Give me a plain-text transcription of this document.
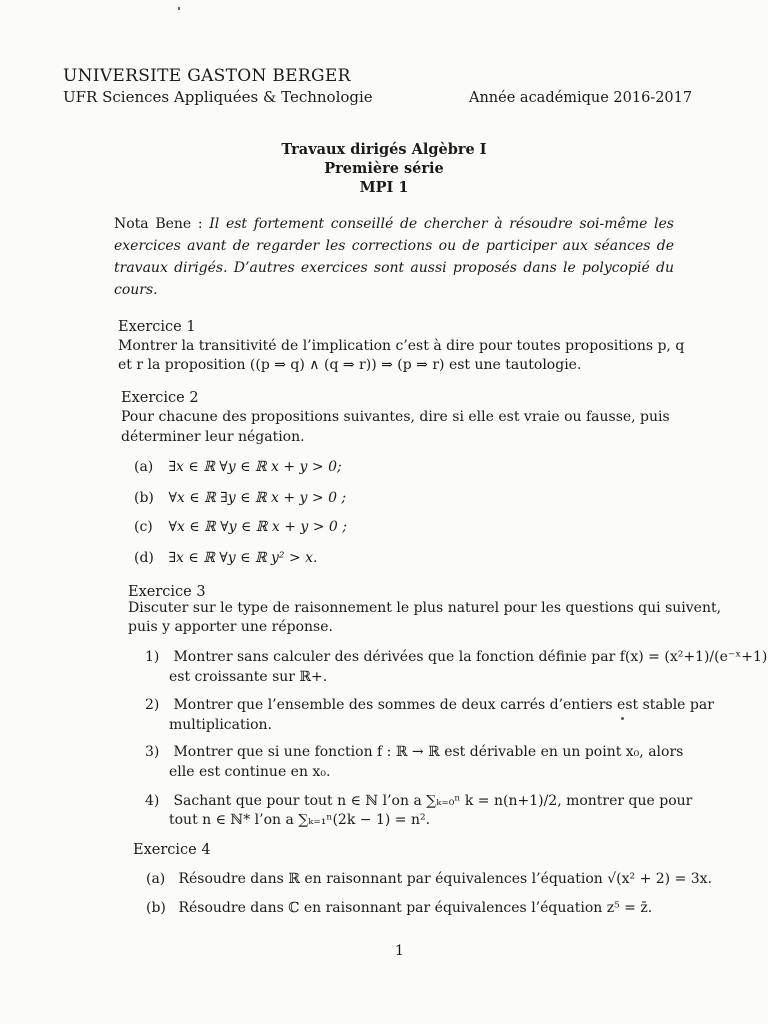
UNIVERSITE GASTON BERGER
UFR Sciences Appliquées & Technologie	Année académique 2016-2017
Travaux dirigés Algèbre I
Première série
MPI 1
Nota Bene : Il est fortement conseillé de chercher à résoudre soi-même les exercices avant de regarder les corrections ou de participer aux séances de travaux dirigés. D’autres exercices sont aussi proposés dans le polycopié du cours.
Exercice 1
Montrer la transitivité de l’implication c’est à dire pour toutes propositions p, q
et r la proposition ((p ⇒ q) ∧ (q ⇒ r)) ⇒ (p ⇒ r) est une tautologie.
Exercice 2
Pour chacune des propositions suivantes, dire si elle est vraie ou fausse, puis
déterminer leur négation.
(a) ∃x ∈ ℝ ∀y ∈ ℝ x + y > 0;
(b) ∀x ∈ ℝ ∃y ∈ ℝ x + y > 0 ;
(c) ∀x ∈ ℝ ∀y ∈ ℝ x + y > 0 ;
(d) ∃x ∈ ℝ ∀y ∈ ℝ y² > x.
Exercice 3
Discuter sur le type de raisonnement le plus naturel pour les questions qui suivent,
puis y apporter une réponse.
1) Montrer sans calculer des dérivées que la fonction définie par f(x) = (x²+1)/(e⁻ˣ+1)
est croissante sur ℝ+.
2) Montrer que l’ensemble des sommes de deux carrés d’entiers est stable par
multiplication.
3) Montrer que si une fonction f : ℝ → ℝ est dérivable en un point x₀, alors
elle est continue en x₀.
4) Sachant que pour tout n ∈ ℕ l’on a ∑ₖ₌₀ⁿ k = n(n+1)/2, montrer que pour
tout n ∈ ℕ* l’on a ∑ₖ₌₁ⁿ(2k − 1) = n².
Exercice 4
(a) Résoudre dans ℝ en raisonnant par équivalences l’équation √(x² + 2) = 3x.
(b) Résoudre dans ℂ en raisonnant par équivalences l’équation z⁵ = z̄.
1
